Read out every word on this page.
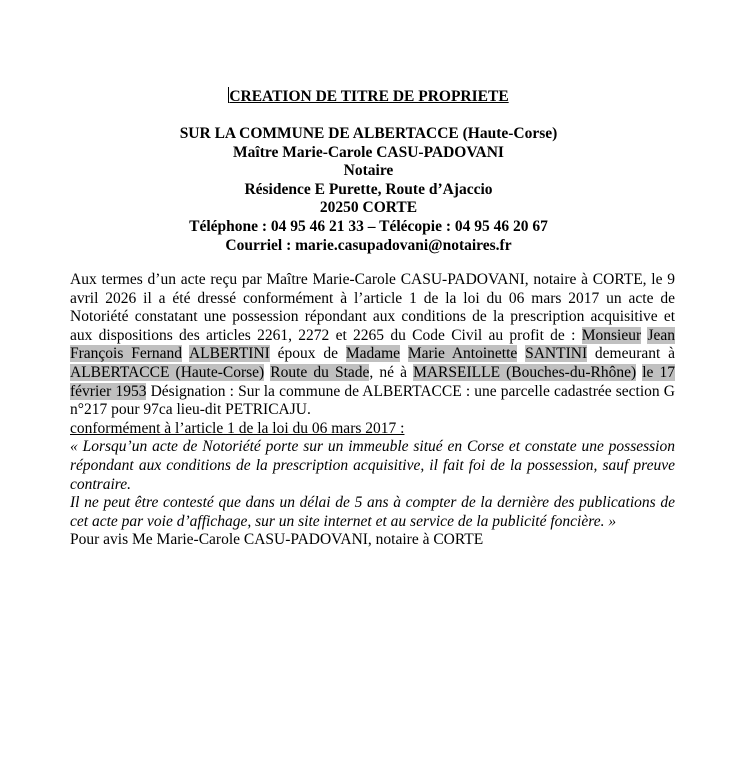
CREATION DE TITRE DE PROPRIETE
SUR LA COMMUNE DE ALBERTACCE (Haute-Corse)
Maître Marie-Carole CASU-PADOVANI
Notaire
Résidence E Purette, Route d’Ajaccio
20250 CORTE
Téléphone : 04 95 46 21 33 – Télécopie : 04 95 46 20 67
Courriel : marie.casupadovani@notaires.fr

Aux termes d’un acte reçu par Maître Marie-Carole CASU-PADOVANI, notaire à CORTE, le 9 avril 2026 il a été dressé conformément à l’article 1 de la loi du 06 mars 2017 un acte de Notoriété constatant une possession répondant aux conditions de la prescription acquisitive et aux dispositions des articles 2261, 2272 et 2265 du Code Civil au profit de : Monsieur Jean François Fernand ALBERTINI époux de Madame Marie Antoinette SANTINI demeurant à ALBERTACCE (Haute-Corse) Route du Stade, né à MARSEILLE (Bouches-du-Rhône) le 17 février 1953 Désignation : Sur la commune de ALBERTACCE : une parcelle cadastrée section G n°217 pour 97ca lieu-dit PETRICAJU.

conformément à l’article 1 de la loi du 06 mars 2017 :

« Lorsqu’un acte de Notoriété porte sur un immeuble situé en Corse et constate une possession répondant aux conditions de la prescription acquisitive, il fait foi de la possession, sauf preuve contraire.

Il ne peut être contesté que dans un délai de 5 ans à compter de la dernière des publications de cet acte par voie d’affichage, sur un site internet et au service de la publicité foncière. »

Pour avis Me Marie-Carole CASU-PADOVANI, notaire à CORTE
